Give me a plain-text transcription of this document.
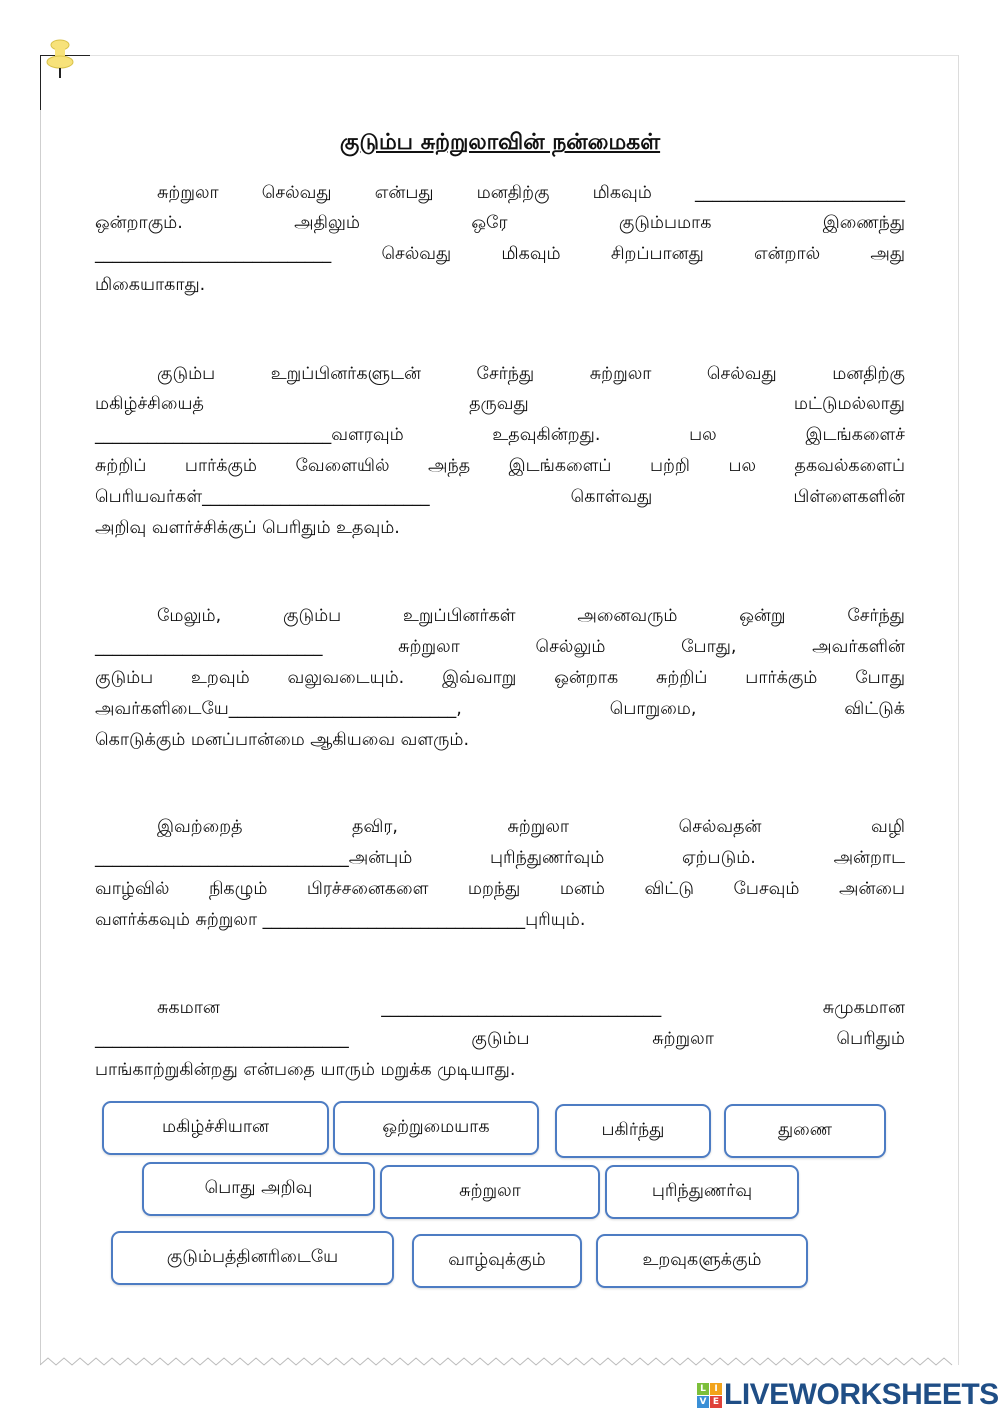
குடும்ப சுற்றுலாவின் நன்மைகள்
சுற்றுலா செல்வது என்பது மனதிற்கு மிகவும் ________________________
ஒன்றாகும். அதிலும் ஒரே குடும்பமாக இணைந்து
___________________________ செல்வது மிகவும் சிறப்பானது என்றால் அது
மிகையாகாது.
குடும்ப உறுப்பினர்களுடன் சேர்ந்து சுற்றுலா செல்வது மனதிற்கு
மகிழ்ச்சியைத் தருவது மட்டுமல்லாது
___________________________வளரவும் உதவுகின்றது. பல இடங்களைச்
சுற்றிப் பார்க்கும் வேளையில் அந்த இடங்களைப் பற்றி பல தகவல்களைப்
பெரியவர்கள்__________________________ கொள்வது பிள்ளைகளின்
அறிவு வளர்ச்சிக்குப் பெரிதும் உதவும்.
மேலும், குடும்ப உறுப்பினர்கள் அனைவரும் ஒன்று சேர்ந்து
__________________________ சுற்றுலா செல்லும் போது, அவர்களின்
குடும்ப உறவும் வலுவடையும். இவ்வாறு ஒன்றாக சுற்றிப் பார்க்கும் போது
அவர்களிடையே__________________________, பொறுமை, விட்டுக்
கொடுக்கும் மனப்பான்மை ஆகியவை வளரும்.
இவற்றைத் தவிர, சுற்றுலா செல்வதன் வழி
_____________________________அன்பும் புரிந்துணர்வும் ஏற்படும். அன்றாட
வாழ்வில் நிகழும் பிரச்சனைகளை மறந்து மனம் விட்டு பேசவும் அன்பை
வளர்க்கவும் சுற்றுலா ______________________________புரியும்.
சுகமான ________________________________ சுமுகமான
_____________________________ குடும்ப சுற்றுலா பெரிதும்
பாங்காற்றுகின்றது என்பதை யாரும் மறுக்க முடியாது.
மகிழ்ச்சியான	ஒற்றுமையாக	பகிர்ந்து	துணை
பொது அறிவு	சுற்றுலா	புரிந்துணர்வு
குடும்பத்தினரிடையே	வாழ்வுக்கும்	உறவுகளுக்கும்
L I
V E LIVEWORKSHEETS
